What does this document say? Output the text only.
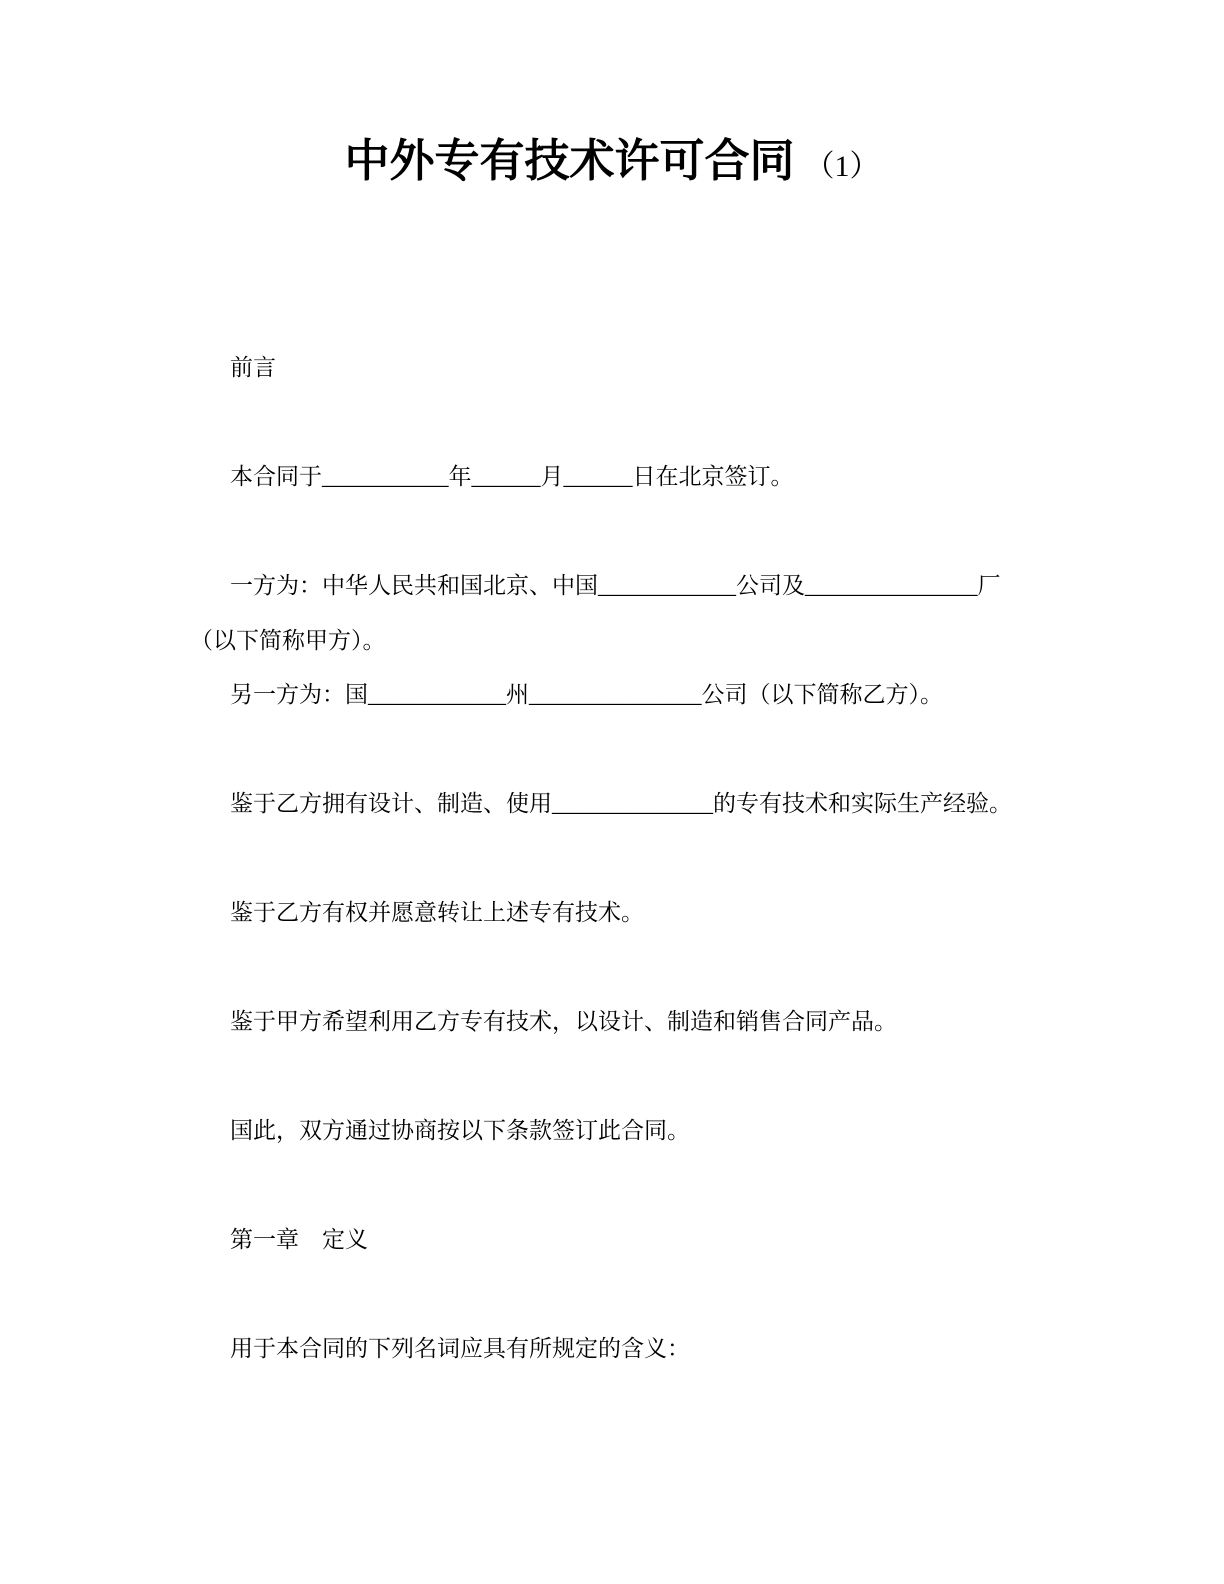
中外专有技术许可合同 （1）
前言
本合同于___________年______月______日在北京签订。
一方为：中华人民共和国北京、中国____________公司及_______________厂
（以下简称甲方）。
另一方为：国____________州_______________公司（以下简称乙方）。
鉴于乙方拥有设计、制造、使用______________的专有技术和实际生产经验。
鉴于乙方有权并愿意转让上述专有技术。
鉴于甲方希望利用乙方专有技术，以设计、制造和销售合同产品。
国此，双方通过协商按以下条款签订此合同。
第一章　定义
用于本合同的下列名词应具有所规定的含义：
